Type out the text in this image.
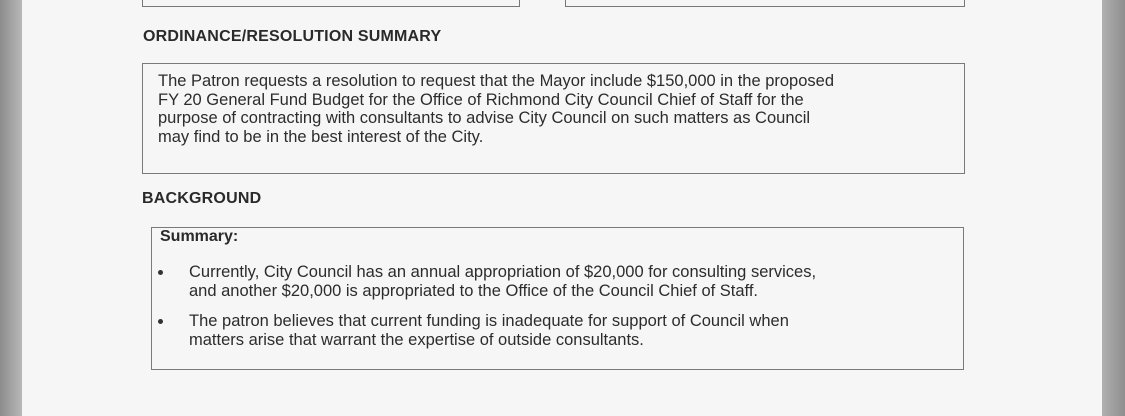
ORDINANCE/RESOLUTION SUMMARY
The Patron requests a resolution to request that the Mayor include $150,000 in the proposed
FY 20 General Fund Budget for the Office of Richmond City Council Chief of Staff for the
purpose of contracting with consultants to advise City Council on such matters as Council
may find to be in the best interest of the City.
BACKGROUND
Summary:
Currently, City Council has an annual appropriation of $20,000 for consulting services,
and another $20,000 is appropriated to the Office of the Council Chief of Staff.
The patron believes that current funding is inadequate for support of Council when
matters arise that warrant the expertise of outside consultants.
